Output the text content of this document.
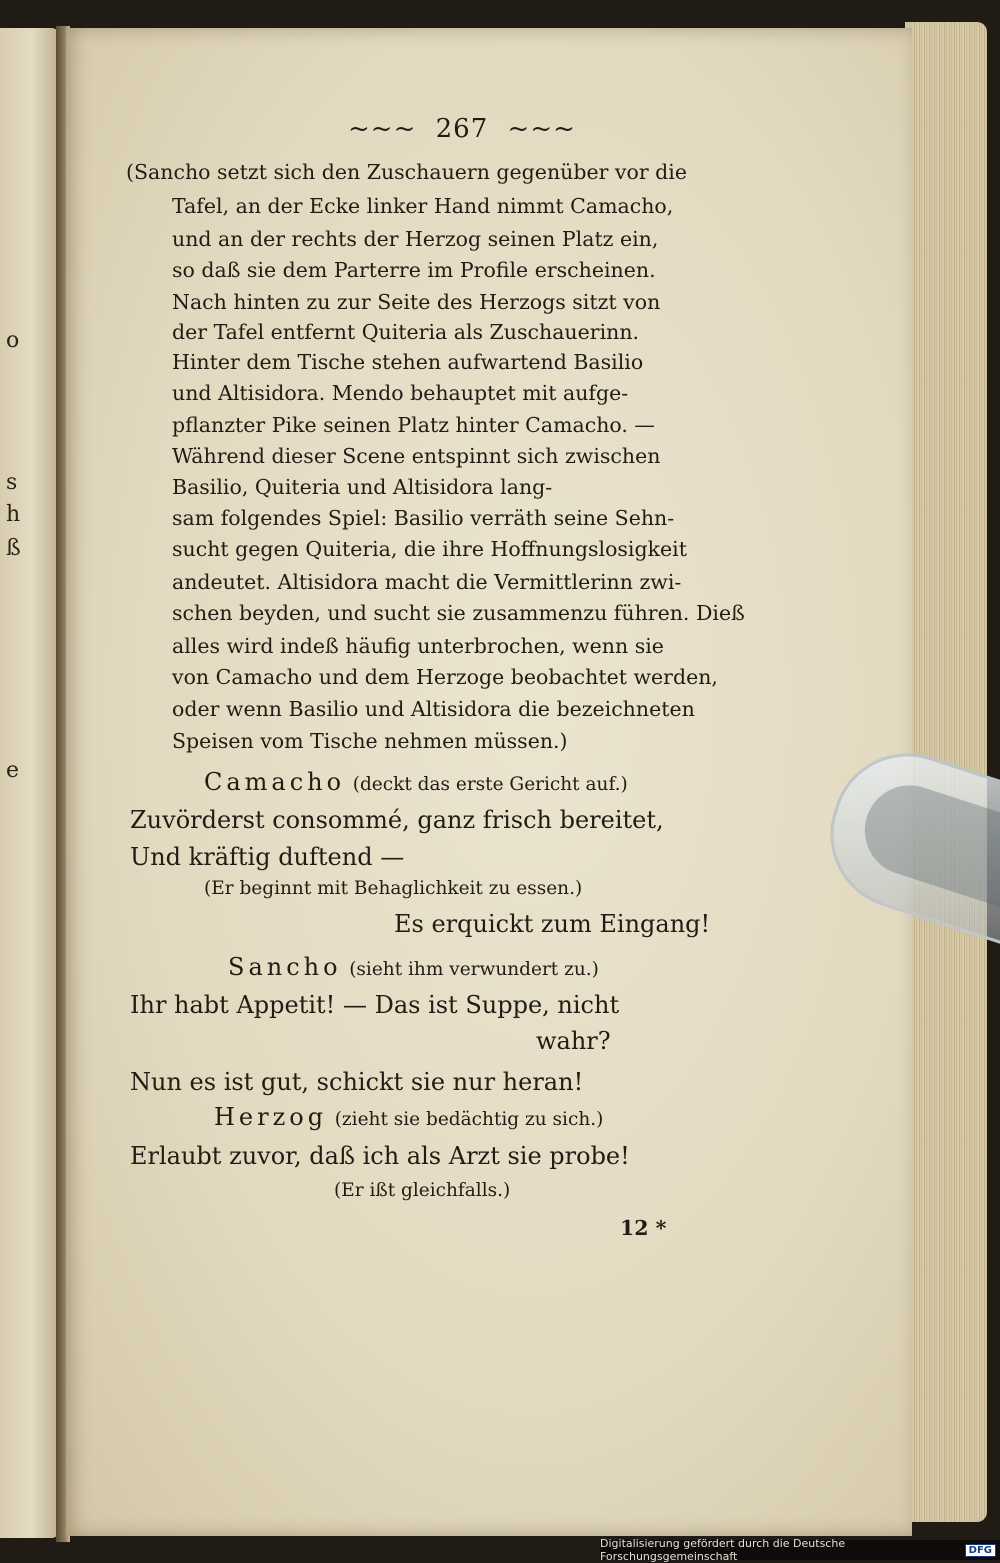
o
s
h
ß
e
~~~ 267 ~~~
(Sancho setzt sich den Zuschauern gegenüber vor die
Tafel, an der Ecke linker Hand nimmt Camacho,
und an der rechts der Herzog seinen Platz ein,
so daß sie dem Parterre im Profile erscheinen.
Nach hinten zu zur Seite des Herzogs sitzt von
der Tafel entfernt Quiteria als Zuschauerinn.
Hinter dem Tische stehen aufwartend Basilio
und Altisidora. Mendo behauptet mit aufge-
pflanzter Pike seinen Platz hinter Camacho. —
Während dieser Scene entspinnt sich zwischen
Basilio, Quiteria und Altisidora lang-
sam folgendes Spiel: Basilio verräth seine Sehn-
sucht gegen Quiteria, die ihre Hoffnungslosigkeit
andeutet. Altisidora macht die Vermittlerinn zwi-
schen beyden, und sucht sie zusammenzu führen. Dieß
alles wird indeß häufig unterbrochen, wenn sie
von Camacho und dem Herzoge beobachtet werden,
oder wenn Basilio und Altisidora die bezeichneten
Speisen vom Tische nehmen müssen.)
Camacho (deckt das erste Gericht auf.)
Zuvörderst consommé, ganz frisch bereitet,
Und kräftig duftend —
(Er beginnt mit Behaglichkeit zu essen.)
Es erquickt zum Eingang!
Sancho (sieht ihm verwundert zu.)
Ihr habt Appetit! — Das ist Suppe, nicht
wahr?
Nun es ist gut, schickt sie nur heran!
Herzog (zieht sie bedächtig zu sich.)
Erlaubt zuvor, daß ich als Arzt sie probe!
(Er ißt gleichfalls.)
12 *
Digitalisierung gefördert durch die Deutsche Forschungsgemeinschaft	DFG
